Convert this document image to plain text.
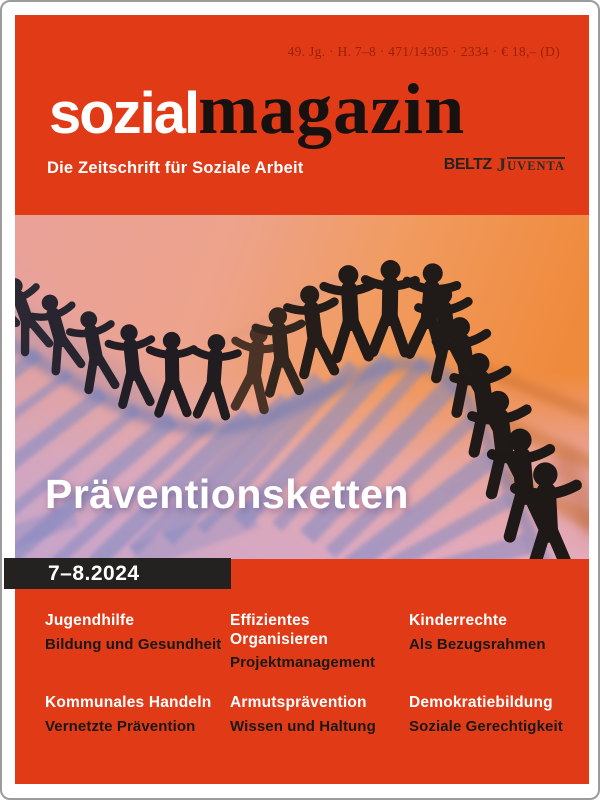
49. Jg. · H. 7–8 · 471/14305 · 2334 · € 18,– (D)
sozialmagazin
Die Zeitschrift für Soziale Arbeit	BELTZ J UVENTA
Präventionsketten
7–8.2024
Jugendhilfe
Bildung und Gesundheit
Effizientes Organisieren
Projektmanagement
Kinderrechte
Als Bezugsrahmen
Kommunales Handeln
Vernetzte Prävention
Armutsprävention
Wissen und Haltung
Demokratiebildung
Soziale Gerechtigkeit
